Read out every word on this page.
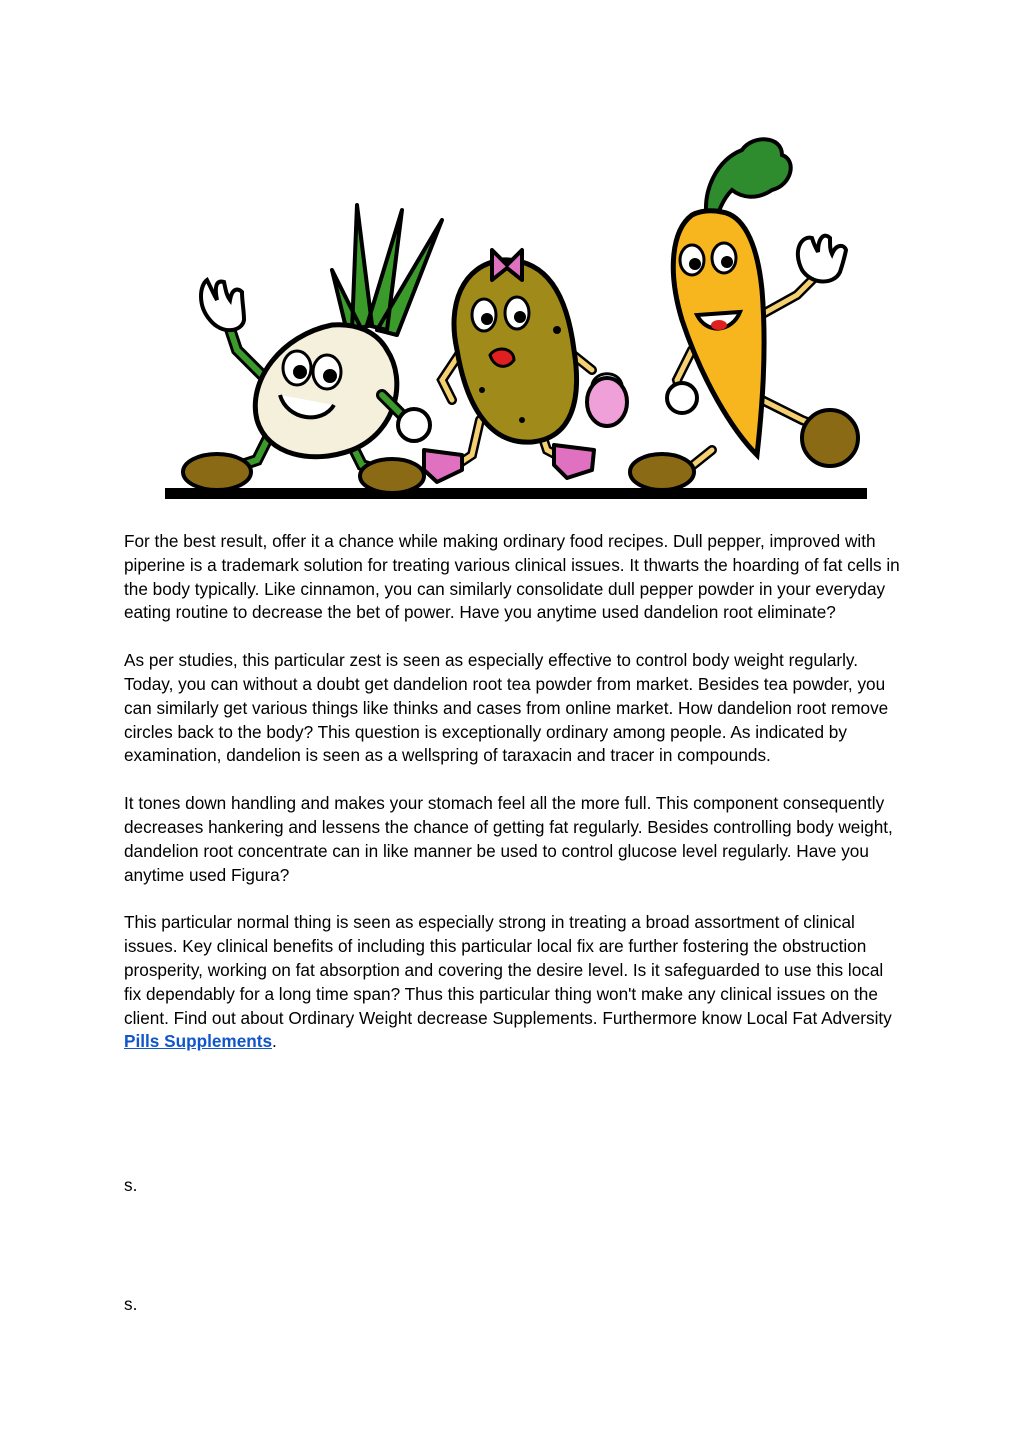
For the best result, offer it a chance while making ordinary food recipes. Dull pepper, improved with piperine is a trademark solution for treating various clinical issues. It thwarts the hoarding of fat cells in the body typically. Like cinnamon, you can similarly consolidate dull pepper powder in your everyday eating routine to decrease the bet of power. Have you anytime used dandelion root eliminate?

As per studies, this particular zest is seen as especially effective to control body weight regularly. Today, you can without a doubt get dandelion root tea powder from market. Besides tea powder, you can similarly get various things like thinks and cases from online market. How dandelion root remove circles back to the body? This question is exceptionally ordinary among people. As indicated by examination, dandelion is seen as a wellspring of taraxacin and tracer in compounds.

It tones down handling and makes your stomach feel all the more full. This component consequently decreases hankering and lessens the chance of getting fat regularly. Besides controlling body weight, dandelion root concentrate can in like manner be used to control glucose level regularly. Have you anytime used Figura?

This particular normal thing is seen as especially strong in treating a broad assortment of clinical issues. Key clinical benefits of including this particular local fix are further fostering the obstruction prosperity, working on fat absorption and covering the desire level. Is it safeguarded to use this local fix dependably for a long time span? Thus this particular thing won't make any clinical issues on the client. Find out about Ordinary Weight decrease Supplements. Furthermore know Local Fat Adversity Pills Supplements.

s.
s.
